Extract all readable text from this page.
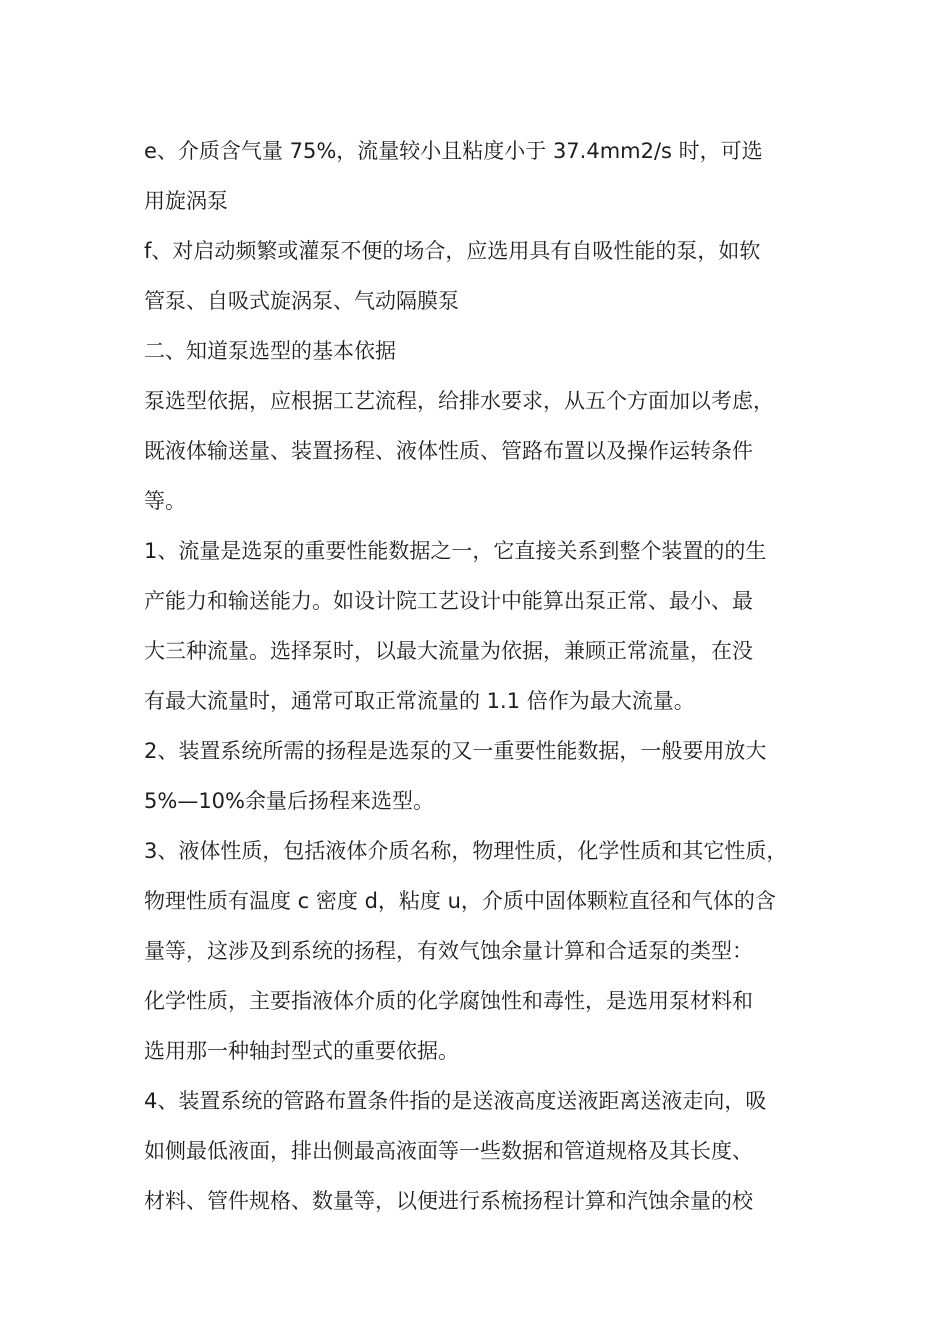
e、介质含气量 75%，流量较小且粘度小于 37.4mm2/s 时，可选
用旋涡泵
f、对启动频繁或灌泵不便的场合，应选用具有自吸性能的泵，如软
管泵、自吸式旋涡泵、气动隔膜泵
二、知道泵选型的基本依据
泵选型依据，应根据工艺流程，给排水要求，从五个方面加以考虑，
既液体输送量、装置扬程、液体性质、管路布置以及操作运转条件
等。
1、流量是选泵的重要性能数据之一，它直接关系到整个装置的的生
产能力和输送能力。如设计院工艺设计中能算出泵正常、最小、最
大三种流量。选择泵时，以最大流量为依据，兼顾正常流量，在没
有最大流量时，通常可取正常流量的 1.1 倍作为最大流量。
2、装置系统所需的扬程是选泵的又一重要性能数据，一般要用放大
5%—10%余量后扬程来选型。
3、液体性质，包括液体介质名称，物理性质，化学性质和其它性质，
物理性质有温度 c 密度 d，粘度 u，介质中固体颗粒直径和气体的含
量等，这涉及到系统的扬程，有效气蚀余量计算和合适泵的类型：
化学性质，主要指液体介质的化学腐蚀性和毒性，是选用泵材料和
选用那一种轴封型式的重要依据。
4、装置系统的管路布置条件指的是送液高度送液距离送液走向，吸
如侧最低液面，排出侧最高液面等一些数据和管道规格及其长度、
材料、管件规格、数量等，以便进行系梳扬程计算和汽蚀余量的校
